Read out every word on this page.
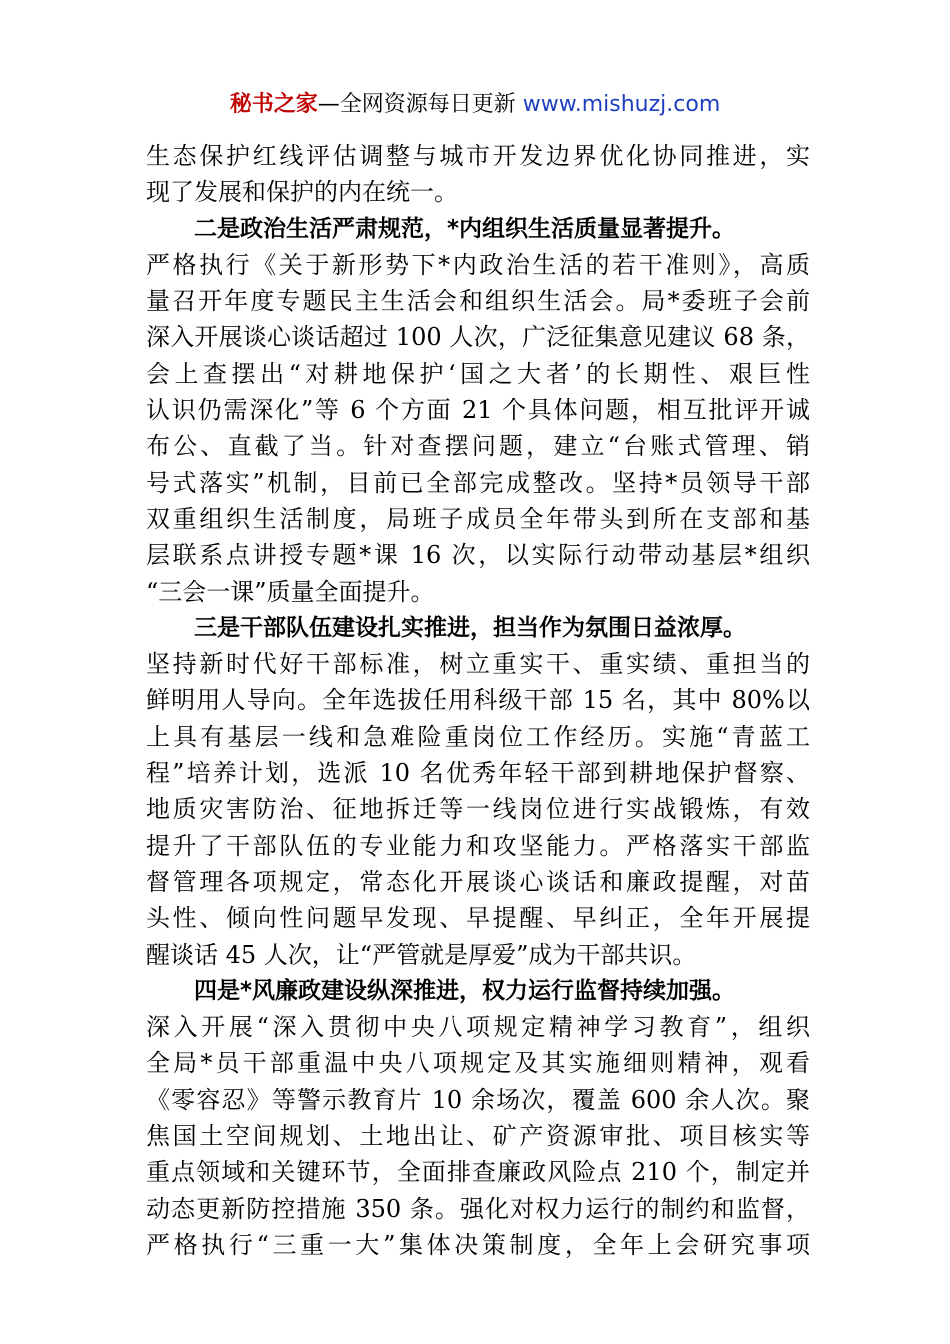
秘书之家—全网资源每日更新 www.mishuzj.com
生态保护红线评估调整与城市开发边界优化协同推进，实
现了发展和保护的内在统一。
二是政治生活严肃规范，*内组织生活质量显著提升。
严格执行《关于新形势下*内政治生活的若干准则》，高质
量召开年度专题民主生活会和组织生活会。局*委班子会前
深入开展谈心谈话超过 100 人次，广泛征集意见建议 68 条，
会上查摆出“对耕地保护‘国之大者’的长期性、艰巨性
认识仍需深化”等 6 个方面 21 个具体问题，相互批评开诚
布公、直截了当。针对查摆问题，建立“台账式管理、销
号式落实”机制，目前已全部完成整改。坚持*员领导干部
双重组织生活制度，局班子成员全年带头到所在支部和基
层联系点讲授专题*课 16 次，以实际行动带动基层*组织
“三会一课”质量全面提升。
三是干部队伍建设扎实推进，担当作为氛围日益浓厚。
坚持新时代好干部标准，树立重实干、重实绩、重担当的
鲜明用人导向。全年选拔任用科级干部 15 名，其中 80%以
上具有基层一线和急难险重岗位工作经历。实施“青蓝工
程”培养计划，选派 10 名优秀年轻干部到耕地保护督察、
地质灾害防治、征地拆迁等一线岗位进行实战锻炼，有效
提升了干部队伍的专业能力和攻坚能力。严格落实干部监
督管理各项规定，常态化开展谈心谈话和廉政提醒，对苗
头性、倾向性问题早发现、早提醒、早纠正，全年开展提
醒谈话 45 人次，让“严管就是厚爱”成为干部共识。
四是*风廉政建设纵深推进，权力运行监督持续加强。
深入开展“深入贯彻中央八项规定精神学习教育”，组织
全局*员干部重温中央八项规定及其实施细则精神，观看
《零容忍》等警示教育片 10 余场次，覆盖 600 余人次。聚
焦国土空间规划、土地出让、矿产资源审批、项目核实等
重点领域和关键环节，全面排查廉政风险点 210 个，制定并
动态更新防控措施 350 条。强化对权力运行的制约和监督，
严格执行“三重一大”集体决策制度，全年上会研究事项
